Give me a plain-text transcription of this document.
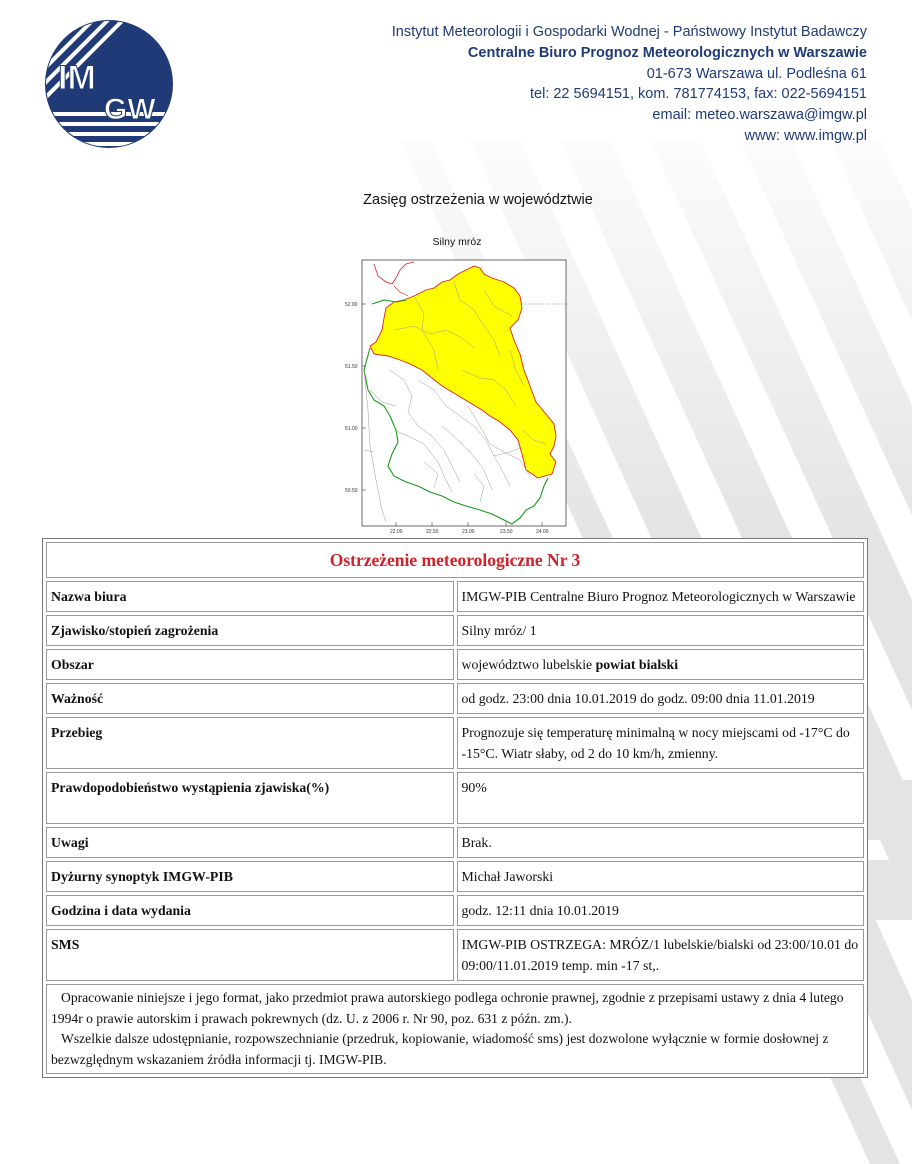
IM
GW
Instytut Meteorologii i Gospodarki Wodnej - Państwowy Instytut Badawczy
Centralne Biuro Prognoz Meteorologicznych w Warszawie
01-673 Warszawa ul. Podleśna 61
tel: 22 5694151, kom. 781774153, fax: 022-5694151
email: meteo.warszawa@imgw.pl
www: www.imgw.pl
Zasięg ostrzeżenia w województwie
Silny mróz
52.00
51.50
51.00
50.50
22.00	22.50	23.00	23.50	24.00
Ostrzeżenie meteorologiczne Nr 3	
Nazwa biura	IMGW-PIB Centralne Biuro Prognoz Meteorologicznych w Warszawie
Zjawisko/stopień zagrożenia	Silny mróz/ 1
Obszar	województwo lubelskie powiat bialski
Ważność	od godz. 23:00 dnia 10.01.2019 do godz. 09:00 dnia 11.01.2019
Przebieg	Prognozuje się temperaturę minimalną w nocy miejscami od -17°C do -15°C. Wiatr słaby, od 2 do 10 km/h, zmienny.
Prawdopodobieństwo wystąpienia zjawiska(%)	90%
Uwagi	Brak.
Dyżurny synoptyk IMGW-PIB	Michał Jaworski
Godzina i data wydania	godz. 12:11 dnia 10.01.2019
SMS	IMGW-PIB OSTRZEGA: MRÓZ/1 lubelskie/bialski od 23:00/10.01 do 09:00/11.01.2019 temp. min -17 st,.

Opracowanie niniejsze i jego format, jako przedmiot prawa autorskiego podlega ochronie prawnej, zgodnie z przepisami ustawy z dnia 4 lutego 1994r o prawie autorskim i prawach pokrewnych (dz. U. z 2006 r. Nr 90, poz. 631 z późn. zm.).

Wszelkie dalsze udostępnianie, rozpowszechnianie (przedruk, kopiowanie, wiadomość sms) jest dozwolone wyłącznie w formie dosłownej z bezwzględnym wskazaniem źródła informacji tj. IMGW-PIB.	
